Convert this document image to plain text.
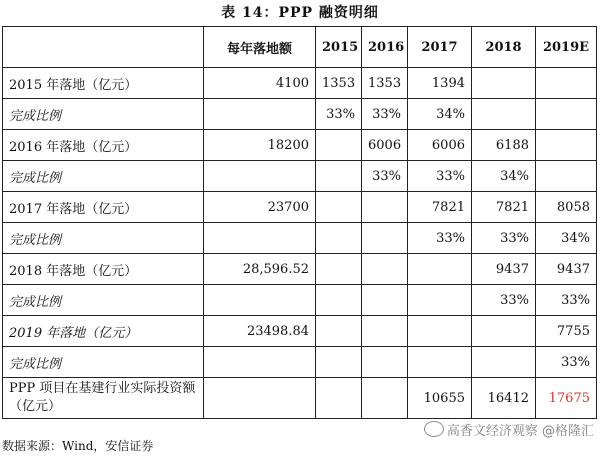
表 14：PPP 融资明细
	每年落地额	2015	2016	2017	2018	2019E
2015 年落地（亿元）	4100	1353	1353	1394		
完成比例		33%	33%	34%		
2016 年落地（亿元）	18200		6006	6006	6188	
完成比例			33%	33%	34%	
2017 年落地（亿元）	23700			7821	7821	8058
完成比例				33%	33%	34%
2018 年落地（亿元）	28,596.52				9437	9437
完成比例					33%	33%
2019 年落地（亿元）	23498.84					7755
完成比例						33%
PPP 项目在基建行业实际投资额（亿元）				10655	16412	17675
数据来源：Wind，安信证券
高香文经济观察 @格隆汇
